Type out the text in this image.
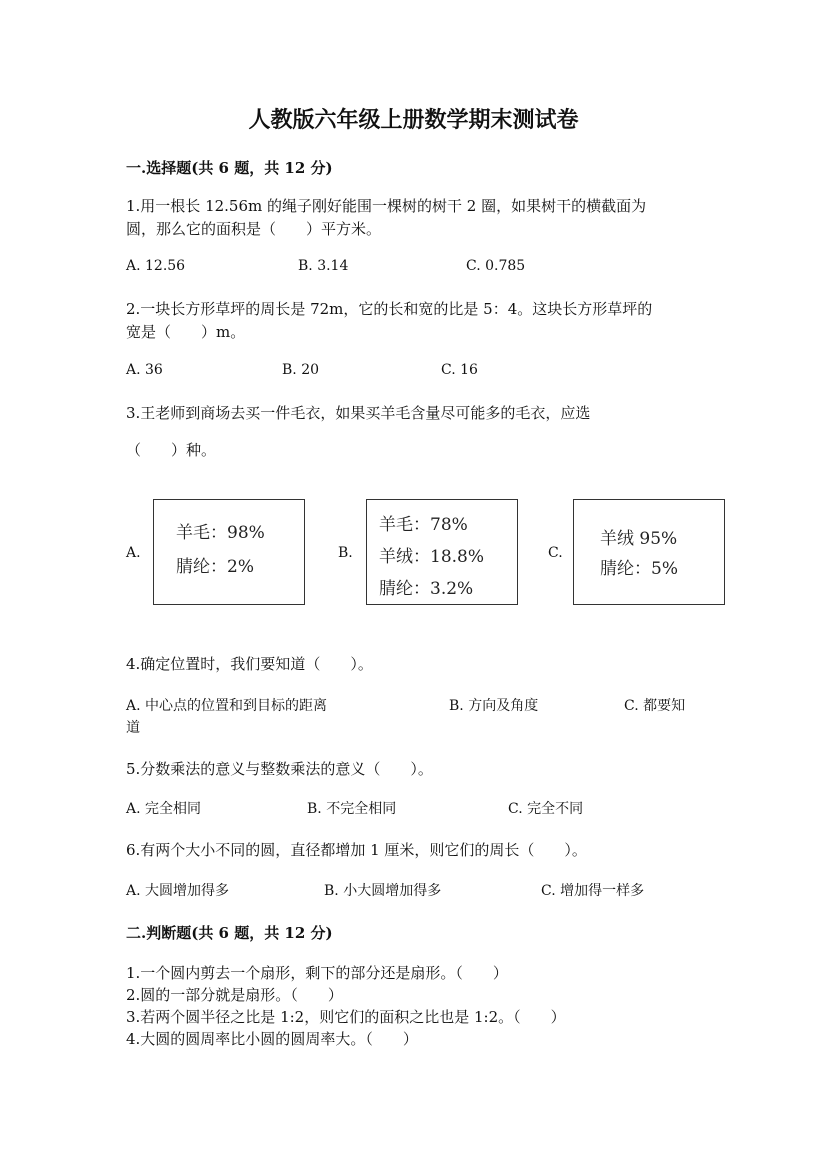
人教版六年级上册数学期末测试卷
一.选择题(共 6 题，共 12 分)
1.用一根长 12.56m 的绳子刚好能围一棵树的树干 2 圈，如果树干的横截面为
圆，那么它的面积是（　　）平方米。
A. 12.56	B. 3.14	C. 0.785
2.一块长方形草坪的周长是 72m，它的长和宽的比是 5：4。这块长方形草坪的
宽是（　　）m。
A. 36	B. 20	C. 16
3.王老师到商场去买一件毛衣，如果买羊毛含量尽可能多的毛衣，应选
（　　）种。
A.
羊毛：98%
腈纶：2%
B.
羊毛：78%
羊绒：18.8%
腈纶：3.2%
C.
羊绒 95%
腈纶：5%
4.确定位置时，我们要知道（　　）。
A. 中心点的位置和到目标的距离	B. 方向及角度	C. 都要知
道
5.分数乘法的意义与整数乘法的意义（　　）。
A. 完全相同	B. 不完全相同	C. 完全不同
6.有两个大小不同的圆，直径都增加 1 厘米，则它们的周长（　　）。
A. 大圆增加得多	B. 小大圆增加得多	C. 增加得一样多
二.判断题(共 6 题，共 12 分)
1.一个圆内剪去一个扇形，剩下的部分还是扇形。（　　）
2.圆的一部分就是扇形。（　　）
3.若两个圆半径之比是 1:2，则它们的面积之比也是 1:2。（　　）
4.大圆的圆周率比小圆的圆周率大。（　　）
